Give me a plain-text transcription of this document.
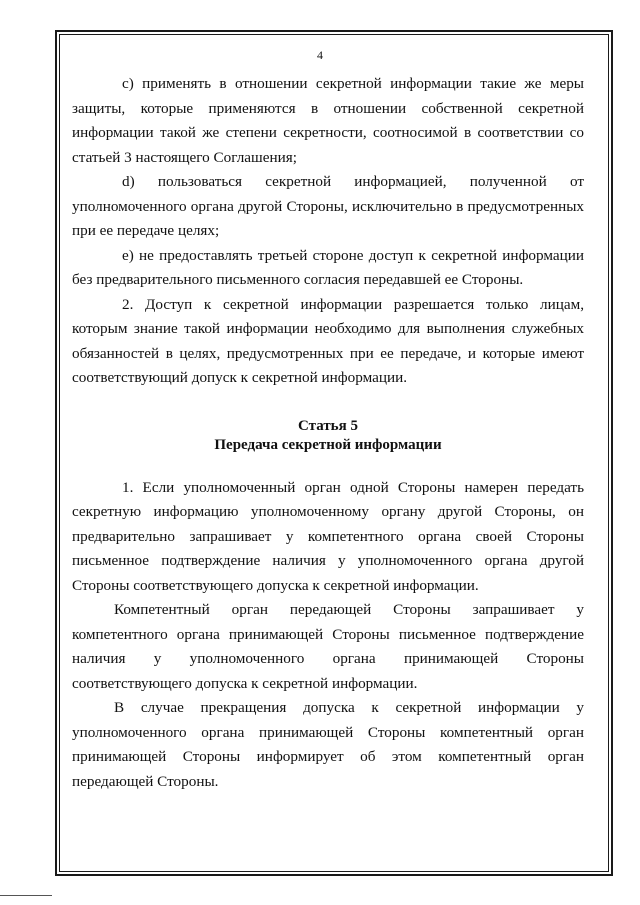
4

c) применять в отношении секретной информации такие же меры защиты, которые применяются в отношении собственной секретной информации такой же степени секретности, соотносимой в соответствии со статьей 3 настоящего Соглашения;

d) пользоваться секретной информацией, полученной от уполномоченного органа другой Стороны, исключительно в предусмотренных при ее передаче целях;

e) не предоставлять третьей стороне доступ к секретной информации без предварительного письменного согласия передавшей ее Стороны.

2. Доступ к секретной информации разрешается только лицам, которым знание такой информации необходимо для выполнения служебных обязанностей в целях, предусмотренных при ее передаче, и которые имеют соответствующий допуск к секретной информации.

Статья 5
Передача секретной информации

1. Если уполномоченный орган одной Стороны намерен передать секретную информацию уполномоченному органу другой Стороны, он предварительно запрашивает у компетентного органа своей Стороны письменное подтверждение наличия у уполномоченного органа другой Стороны соответствующего допуска к секретной информации.

Компетентный орган передающей Стороны запрашивает у компетентного органа принимающей Стороны письменное подтверждение наличия у уполномоченного органа принимающей Стороны соответствующего допуска к секретной информации.

В случае прекращения допуска к секретной информации у уполномоченного органа принимающей Стороны компетентный орган принимающей Стороны информирует об этом компетентный орган передающей Стороны.
